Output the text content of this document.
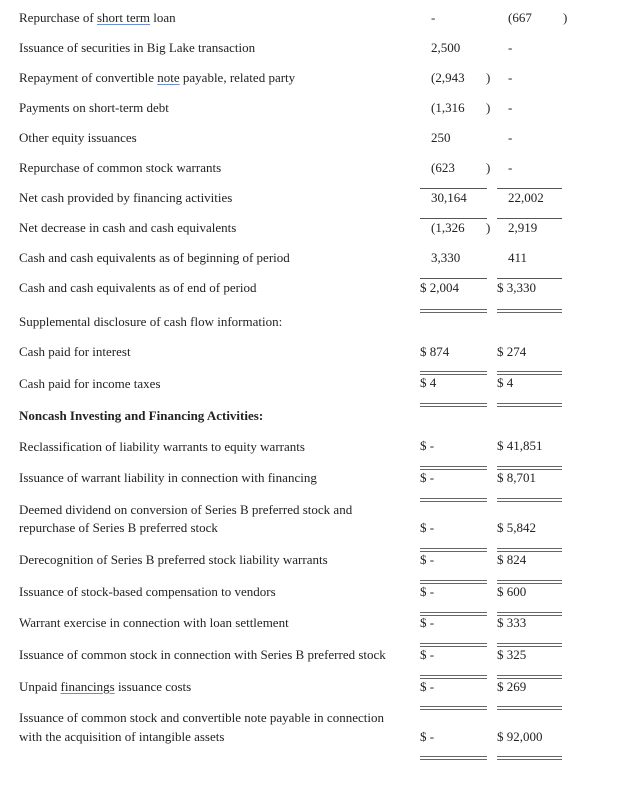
Repurchase of short term loan	-	(667 )
Issuance of securities in Big Lake transaction	2,500	-
Repayment of convertible note payable, related party	(2,943 ) -
Payments on short-term debt	(1,316 ) -
Other equity issuances	250	-
Repurchase of common stock warrants	(623 ) -
Net cash provided by financing activities	30,164	22,002
Net decrease in cash and cash equivalents	(1,326 ) 2,919
Cash and cash equivalents as of beginning of period	3,330	411
Cash and cash equivalents as of end of period	$ 2,004	$ 3,330
Supplemental disclosure of cash flow information:
Cash paid for interest	$ 874	$ 274
Cash paid for income taxes	$ 4	$ 4
Noncash Investing and Financing Activities:
Reclassification of liability warrants to equity warrants	$ -	$ 41,851
Issuance of warrant liability in connection with financing	$ -	$ 8,701
Deemed dividend on conversion of Series B preferred stock and
repurchase of Series B preferred stock	$ -	$ 5,842
Derecognition of Series B preferred stock liability warrants	$ -	$ 824
Issuance of stock-based compensation to vendors	$ -	$ 600
Warrant exercise in connection with loan settlement	$ -	$ 333
Issuance of common stock in connection with Series B preferred stock	$ -	$ 325
Unpaid financings issuance costs	$ -	$ 269
Issuance of common stock and convertible note payable in connection
with the acquisition of intangible assets	$ -	$ 92,000
